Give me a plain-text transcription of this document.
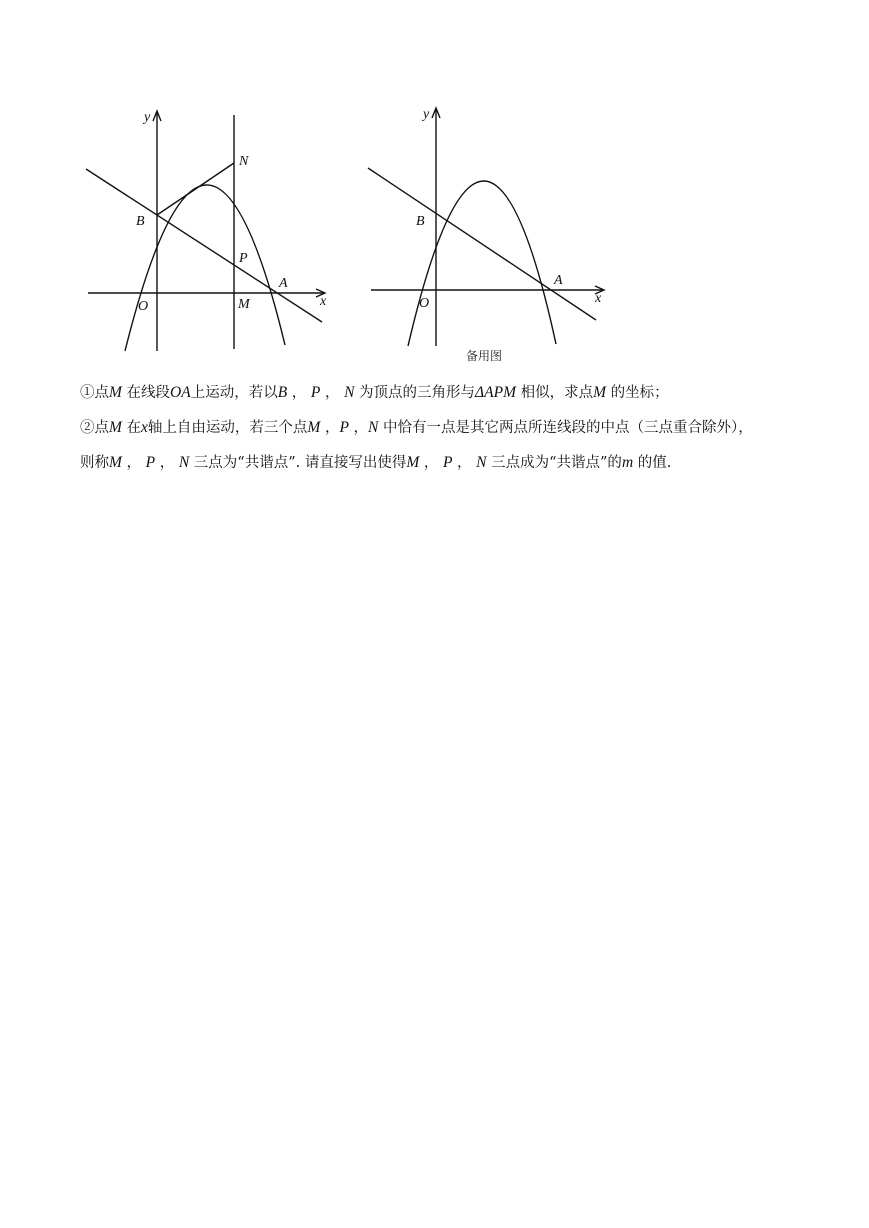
y
x
O
B
N
P
M
A
y
x
O
B
A
备用图
①点M 在线段OA上运动，若以B ， P ， N 为顶点的三角形与ΔAPM 相似，求点M 的坐标；
②点M 在x轴上自由运动，若三个点M ，P ，N 中恰有一点是其它两点所连线段的中点（三点重合除外），
则称M ， P ， N 三点为“共谐点”. 请直接写出使得M ， P ， N 三点成为“共谐点”的m 的值.
